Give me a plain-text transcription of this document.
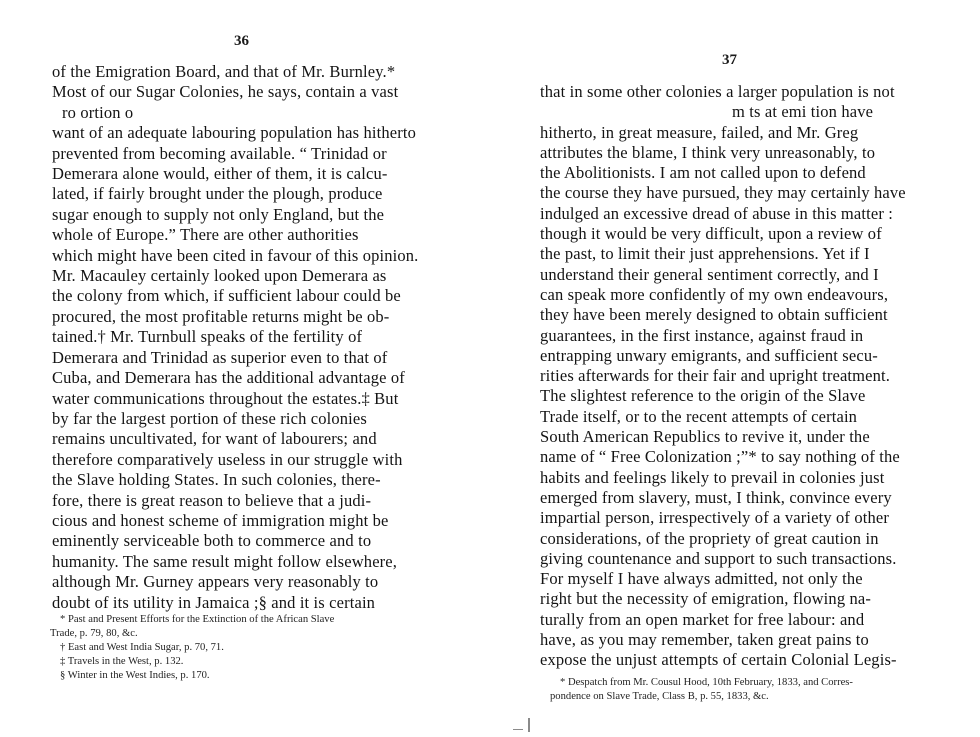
36
of the Emigration Board, and that of Mr. Burnley.*
Most of our Sugar Colonies, he says, contain a vast
ro ortion o
want of an adequate labouring population has hitherto
prevented from becoming available. “ Trinidad or
Demerara alone would, either of them, it is calcu-
lated, if fairly brought under the plough, produce
sugar enough to supply not only England, but the
whole of Europe.” There are other authorities
which might have been cited in favour of this opinion.
Mr. Macauley certainly looked upon Demerara as
the colony from which, if sufficient labour could be
procured, the most profitable returns might be ob-
tained.† Mr. Turnbull speaks of the fertility of
Demerara and Trinidad as superior even to that of
Cuba, and Demerara has the additional advantage of
water communications throughout the estates.‡ But
by far the largest portion of these rich colonies
remains uncultivated, for want of labourers; and
therefore comparatively useless in our struggle with
the Slave holding States. In such colonies, there-
fore, there is great reason to believe that a judi-
cious and honest scheme of immigration might be
eminently serviceable both to commerce and to
humanity. The same result might follow elsewhere,
although Mr. Gurney appears very reasonably to
doubt of its utility in Jamaica ;§ and it is certain
* Past and Present Efforts for the Extinction of the African Slave
Trade, p. 79, 80, &c.
† East and West India Sugar, p. 70, 71.
‡ Travels in the West, p. 132.
§ Winter in the West Indies, p. 170.
37
that in some other colonies a larger population is not
m ts at emi tion have
hitherto, in great measure, failed, and Mr. Greg
attributes the blame, I think very unreasonably, to
the Abolitionists. I am not called upon to defend
the course they have pursued, they may certainly have
indulged an excessive dread of abuse in this matter :
though it would be very difficult, upon a review of
the past, to limit their just apprehensions. Yet if I
understand their general sentiment correctly, and I
can speak more confidently of my own endeavours,
they have been merely designed to obtain sufficient
guarantees, in the first instance, against fraud in
entrapping unwary emigrants, and sufficient secu-
rities afterwards for their fair and upright treatment.
The slightest reference to the origin of the Slave
Trade itself, or to the recent attempts of certain
South American Republics to revive it, under the
name of “ Free Colonization ;”* to say nothing of the
habits and feelings likely to prevail in colonies just
emerged from slavery, must, I think, convince every
impartial person, irrespectively of a variety of other
considerations, of the propriety of great caution in
giving countenance and support to such transactions.
For myself I have always admitted, not only the
right but the necessity of emigration, flowing na-
turally from an open market for free labour: and
have, as you may remember, taken great pains to
expose the unjust attempts of certain Colonial Legis-
* Despatch from Mr. Cousul Hood, 10th February, 1833, and Corres-
pondence on Slave Trade, Class B, p. 55, 1833, &c.
